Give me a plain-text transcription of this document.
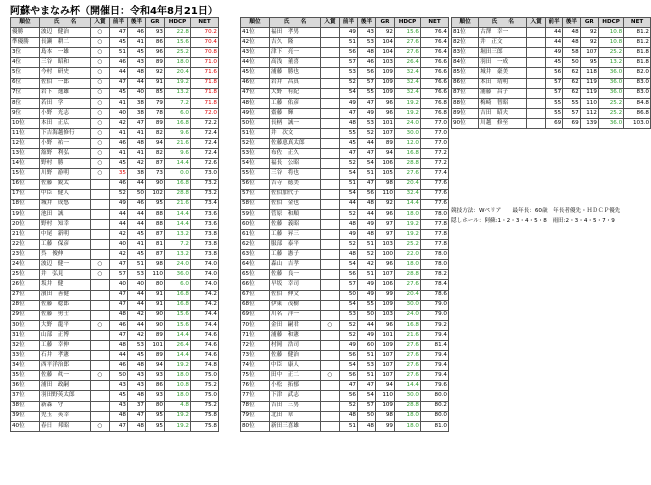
阿蘇やまなみ杯（開催日：令和4年8月21日）
順位	氏　　名	入賞	前半	後半	GR	HDCP	NET
優勝	波辺　健治	○	47	46	93	22.8	70.2
準優勝	長瀬　耕二	○	45	41	86	15.6	70.4
3位	島本　一雄	○	51	45	96	25.2	70.8
4位	三谷　昭和	○	46	43	89	18.0	71.0
5位	今村　研史	○	44	48	92	20.4	71.6
6位	佐伯　一郎	○	47	44	91	19.2	71.8
7位	岩下　逸雄	○	45	40	85	13.2	71.8
8位	若田　学	○	41	38	79	7.2	71.8
9位	小野　光志	○	40	38	78	6.0	72.0
10位	本田　正広	○	42	47	89	16.8	72.2
11位	下吉海越修行	○	41	41	82	9.6	72.4
12位	小野　祐一	○	46	48	94	21.6	72.4
13位	舘野　利弘	○	41	41	82	9.6	72.4
14位	野村　勝	○	45	42	87	14.4	72.6
15位	川野　游明	○	35	38	73	0.0	73.0
16位	佐藤　鋭太		46	44	90	16.8	73.2
17位	中臣　健人		52	50	102	28.8	73.2
18位	城井　成悠		49	46	95	21.6	73.4
19位	池田　誠		44	44	88	14.4	73.6
20位	野村　知幸		44	44	88	14.4	73.6
21位	中尾　新明		42	45	87	13.2	73.8
22位	工藤　保彦		40	41	81	7.2	73.8
23位	呉　俊伸		42	45	87	13.2	73.8
24位	波辺　健一	○	47	51	98	24.0	74.0
25位	井　弘見	○	57	53	110	36.0	74.0
26位	坂井　健		40	40	80	6.0	74.0
27位	濱田　善健		47	44	91	16.8	74.2
28位	佐藤　稔郎		47	44	91	16.8	74.2
29位	佐藤　勇士		48	42	90	15.6	74.4
30位	大野　龍平	○	46	44	90	15.6	74.4
31位	山部　正博		47	42	89	14.4	74.6
32位	工藤　幸伸		48	53	101	26.4	74.6
33位	石井　孝憲		44	45	89	14.4	74.6
34位	西平洋治郎		46	48	94	19.2	74.8
35位	佐藤　眞一	○	50	43	93	18.0	75.0
36位	浦田　政嗣		43	43	86	10.8	75.2
37位	羽田野英太郎		45	48	93	18.0	75.0
38位	新森　守		43	37	80	4.8	75.2
39位	児玉　英幸		48	47	95	19.2	75.8
40位	春日　邦昭	○	47	48	95	19.2	75.8
順位	氏　　名	入賞	前半	後半	GR	HDCP	NET
41位	福田　孝男		49	43	92	15.6	76.4
42位	吉久　隆		51	53	104	27.6	76.4
43位	津下　亮一		56	48	104	27.6	76.4
44位	高浅　董喜		57	46	103	26.4	76.6
45位	浦藤　勝也		53	56	109	32.4	76.6
46位	岩井　昌真		52	57	109	32.4	76.6
47位	大野　有紀		54	55	109	32.4	76.6
48位	工藤　佑彦		49	47	96	19.2	76.8
49位	齋藤　輝		47	49	96	19.2	76.8
50位	長柄　誠一		48	53	101	24.0	77.0
51位	井　次文		55	52	107	30.0	77.0
52位	佐藤恵真太郎		45	44	89	12.0	77.0
53位	布佐　正久		47	47	94	16.8	77.2
54位	福長　公昭		52	54	106	28.8	77.2
55位	三谷　将也		54	51	105	27.6	77.4
56位	吉寺　徳美		51	47	98	20.4	77.6
57位	佐伯加代子		54	56	110	32.4	77.6
58位	佐伯　金也		44	48	92	14.4	77.6
59位	菅原　和順		52	44	96	18.0	78.0
60位	佐藤　義昭		48	49	97	19.2	77.8
61位	工藤　昇三		49	48	97	19.2	77.8
62位	服部　泰平		52	51	103	25.2	77.8
63位	工藤　憲子		48	52	100	22.0	78.0
64位	森山　吉孝		54	42	96	18.0	78.0
65位	佐藤　良一		56	51	107	28.8	78.2
66位	早坂　幸司		57	49	106	27.6	78.4
67位	佐伯　伸文		50	49	99	20.4	78.6
68位	伊東　茂樹		54	55	109	30.0	79.0
69位	川名　洋一		53	50	103	24.0	79.0
70位	金田　嗣君	○	52	44	96	16.8	79.2
71位	浦藤　和憲		52	49	101	21.6	79.4
72位	村岡　浩司		49	60	109	27.6	81.4
73位	佐藤　健治		56	51	107	27.6	79.4
74位	中臣　康人		54	53	107	27.6	79.4
75位	田中　正二	○	56	51	107	27.6	79.4
76位	小松　拓郁		47	47	94	14.4	79.6
77位	下津　武志		56	54	110	30.0	80.0
78位	吉田　三男		52	57	109	28.8	80.2
79位	北田　章		48	50	98	18.0	80.0
80位	新田三喜雄		51	48	99	18.0	81.0
順位	氏　　名	入賞	前半	後半	GR	HDCP	NET
81位	古澤　幸一		44	48	92	10.8	81.2
82位	井　正文		44	48	92	10.8	81.2
83位	堀田三郎		49	58	107	25.2	81.8
84位	羽田　一成		45	50	95	13.2	81.8
85位	城井　豪美		56	62	118	36.0	82.0
86位	本田　靖明		57	62	119	36.0	83.0
87位	浦藤　昌子		57	62	119	36.0	83.0
88位	梅崎　智昭		55	55	110	25.2	84.8
89位	吉田　昭夫		55	57	112	25.2	86.8
90位	川越　修至		69	69	139	36.0	103.0
競技方法：Wペリア　　最年長：60歳　年長者優先・ＨＤＣＰ優先
隠しホール：阿蘇:1・2・3・4・5・8　雨田:2・3・4・5・7・9
